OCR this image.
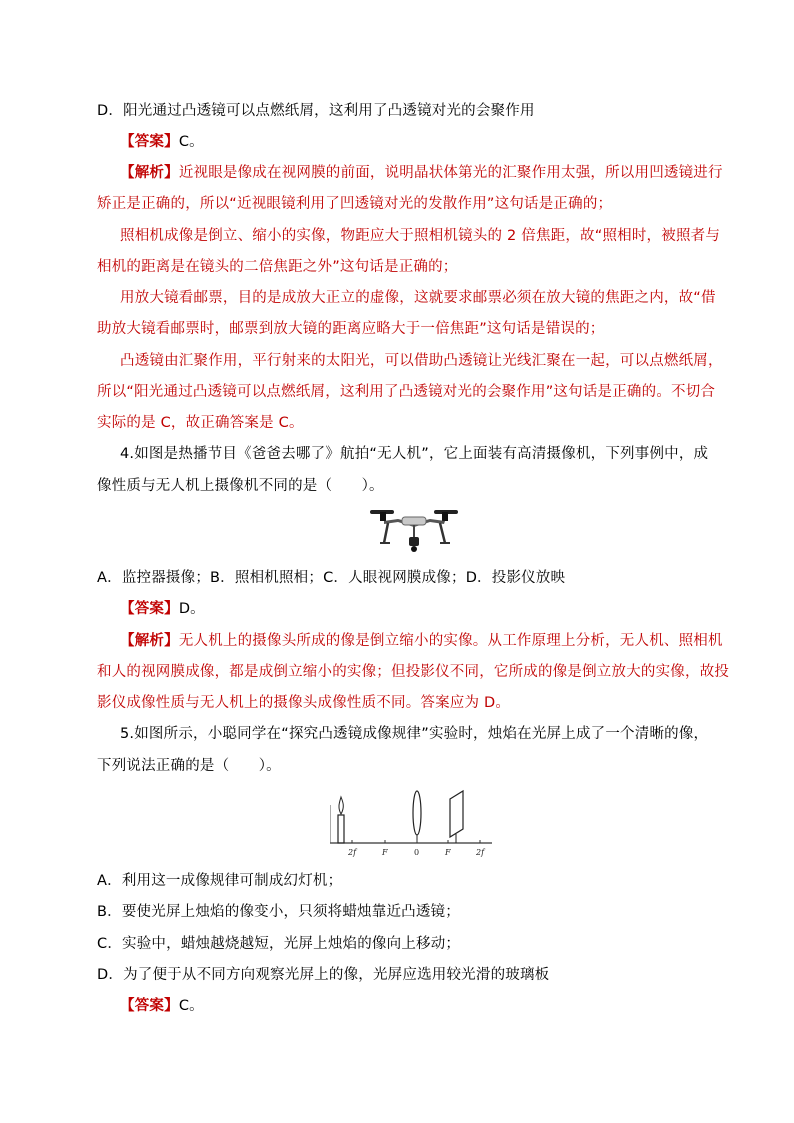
D．阳光通过凸透镜可以点燃纸屑，这利用了凸透镜对光的会聚作用
【答案】C。
【解析】近视眼是像成在视网膜的前面，说明晶状体第光的汇聚作用太强，所以用凹透镜进行
矫正是正确的，所以“近视眼镜利用了凹透镜对光的发散作用”这句话是正确的；
照相机成像是倒立、缩小的实像，物距应大于照相机镜头的 2 倍焦距，故“照相时，被照者与
相机的距离是在镜头的二倍焦距之外”这句话是正确的；
用放大镜看邮票，目的是成放大正立的虚像，这就要求邮票必须在放大镜的焦距之内，故“借
助放大镜看邮票时，邮票到放大镜的距离应略大于一倍焦距”这句话是错误的；
凸透镜由汇聚作用，平行射来的太阳光，可以借助凸透镜让光线汇聚在一起，可以点燃纸屑，
所以“阳光通过凸透镜可以点燃纸屑，这利用了凸透镜对光的会聚作用”这句话是正确的。不切合
实际的是 C，故正确答案是 C。
4.如图是热播节目《爸爸去哪了》航拍“无人机”，它上面装有高清摄像机，下列事例中，成
像性质与无人机上摄像机不同的是（　　）。
A．监控器摄像；B．照相机照相；C．人眼视网膜成像；D．投影仪放映
【答案】D。
【解析】无人机上的摄像头所成的像是倒立缩小的实像。从工作原理上分析，无人机、照相机
和人的视网膜成像，都是成倒立缩小的实像；但投影仪不同，它所成的像是倒立放大的实像，故投
影仪成像性质与无人机上的摄像头成像性质不同。答案应为 D。
5.如图所示，小聪同学在“探究凸透镜成像规律”实验时，烛焰在光屏上成了一个清晰的像，
下列说法正确的是（　　）。
2f	F	0	F	2f
A．利用这一成像规律可制成幻灯机；
B．要使光屏上烛焰的像变小，只须将蜡烛靠近凸透镜；
C．实验中，蜡烛越烧越短，光屏上烛焰的像向上移动；
D．为了便于从不同方向观察光屏上的像，光屏应选用较光滑的玻璃板
【答案】C。
